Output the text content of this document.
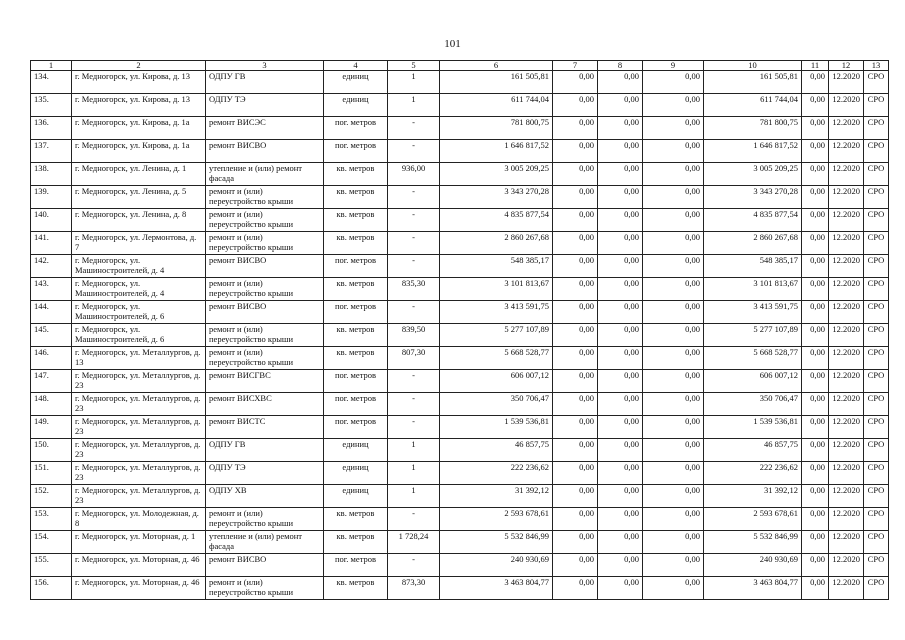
101
1	2	3	4	5	6	7	8	9	10	11	12	13
134.	г. Медногорск, ул. Кирова, д. 13	ОДПУ ГВ	единиц	1	161 505,81	0,00	0,00	0,00	161 505,81	0,00	12.2020	СРО
135.	г. Медногорск, ул. Кирова, д. 13	ОДПУ ТЭ	единиц	1	611 744,04	0,00	0,00	0,00	611 744,04	0,00	12.2020	СРО
136.	г. Медногорск, ул. Кирова, д. 1а	ремонт ВИСЭС	пог. метров	-	781 800,75	0,00	0,00	0,00	781 800,75	0,00	12.2020	СРО
137.	г. Медногорск, ул. Кирова, д. 1а	ремонт ВИСВО	пог. метров	-	1 646 817,52	0,00	0,00	0,00	1 646 817,52	0,00	12.2020	СРО
138.	г. Медногорск, ул. Ленина, д. 1	утепление и (или) ремонт фасада	кв. метров	936,00	3 005 209,25	0,00	0,00	0,00	3 005 209,25	0,00	12.2020	СРО
139.	г. Медногорск, ул. Ленина, д. 5	ремонт и (или) переустройство крыши	кв. метров	-	3 343 270,28	0,00	0,00	0,00	3 343 270,28	0,00	12.2020	СРО
140.	г. Медногорск, ул. Ленина, д. 8	ремонт и (или) переустройство крыши	кв. метров	-	4 835 877,54	0,00	0,00	0,00	4 835 877,54	0,00	12.2020	СРО
141.	г. Медногорск, ул. Лермонтова, д. 7	ремонт и (или) переустройство крыши	кв. метров	-	2 860 267,68	0,00	0,00	0,00	2 860 267,68	0,00	12.2020	СРО
142.	г. Медногорск, ул. Машиностроителей, д. 4	ремонт ВИСВО	пог. метров	-	548 385,17	0,00	0,00	0,00	548 385,17	0,00	12.2020	СРО
143.	г. Медногорск, ул. Машиностроителей, д. 4	ремонт и (или) переустройство крыши	кв. метров	835,30	3 101 813,67	0,00	0,00	0,00	3 101 813,67	0,00	12.2020	СРО
144.	г. Медногорск, ул. Машиностроителей, д. 6	ремонт ВИСВО	пог. метров	-	3 413 591,75	0,00	0,00	0,00	3 413 591,75	0,00	12.2020	СРО
145.	г. Медногорск, ул. Машиностроителей, д. 6	ремонт и (или) переустройство крыши	кв. метров	839,50	5 277 107,89	0,00	0,00	0,00	5 277 107,89	0,00	12.2020	СРО
146.	г. Медногорск, ул. Металлургов, д. 13	ремонт и (или) переустройство крыши	кв. метров	807,30	5 668 528,77	0,00	0,00	0,00	5 668 528,77	0,00	12.2020	СРО
147.	г. Медногорск, ул. Металлургов, д. 23	ремонт ВИСГВС	пог. метров	-	606 007,12	0,00	0,00	0,00	606 007,12	0,00	12.2020	СРО
148.	г. Медногорск, ул. Металлургов, д. 23	ремонт ВИСХВС	пог. метров	-	350 706,47	0,00	0,00	0,00	350 706,47	0,00	12.2020	СРО
149.	г. Медногорск, ул. Металлургов, д. 23	ремонт ВИСТС	пог. метров	-	1 539 536,81	0,00	0,00	0,00	1 539 536,81	0,00	12.2020	СРО
150.	г. Медногорск, ул. Металлургов, д. 23	ОДПУ ГВ	единиц	1	46 857,75	0,00	0,00	0,00	46 857,75	0,00	12.2020	СРО
151.	г. Медногорск, ул. Металлургов, д. 23	ОДПУ ТЭ	единиц	1	222 236,62	0,00	0,00	0,00	222 236,62	0,00	12.2020	СРО
152.	г. Медногорск, ул. Металлургов, д. 23	ОДПУ ХВ	единиц	1	31 392,12	0,00	0,00	0,00	31 392,12	0,00	12.2020	СРО
153.	г. Медногорск, ул. Молодежная, д. 8	ремонт и (или) переустройство крыши	кв. метров	-	2 593 678,61	0,00	0,00	0,00	2 593 678,61	0,00	12.2020	СРО
154.	г. Медногорск, ул. Моторная, д. 1	утепление и (или) ремонт фасада	кв. метров	1 728,24	5 532 846,99	0,00	0,00	0,00	5 532 846,99	0,00	12.2020	СРО
155.	г. Медногорск, ул. Моторная, д. 46	ремонт ВИСВО	пог. метров	-	240 930,69	0,00	0,00	0,00	240 930,69	0,00	12.2020	СРО
156.	г. Медногорск, ул. Моторная, д. 46	ремонт и (или) переустройство крыши	кв. метров	873,30	3 463 804,77	0,00	0,00	0,00	3 463 804,77	0,00	12.2020	СРО
